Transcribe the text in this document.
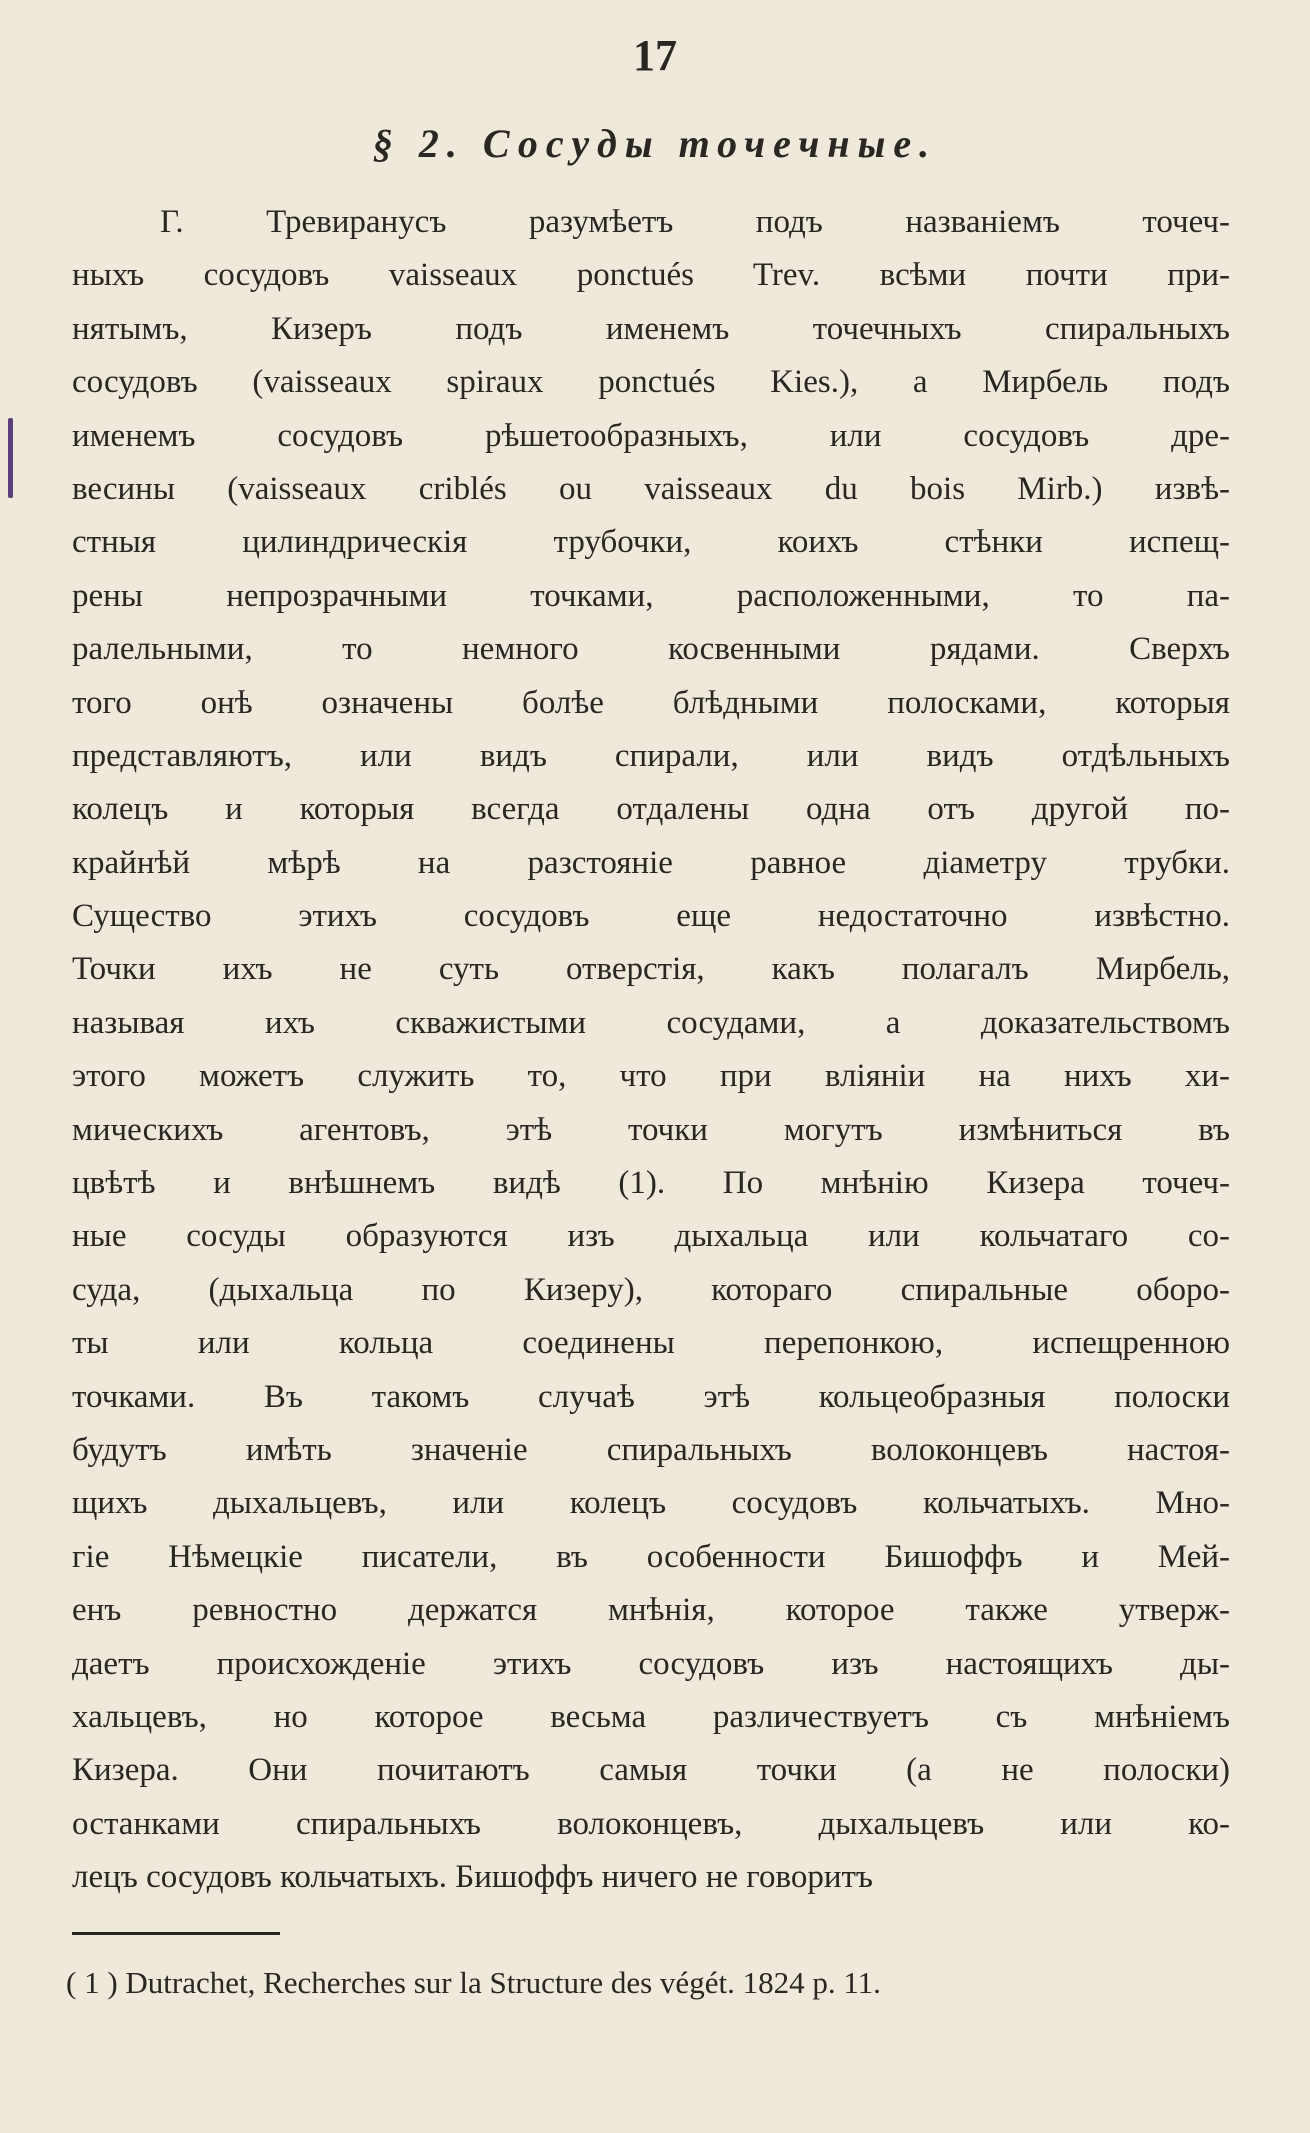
17
§ 2. Сосуды точечные.
Г. Тревиранусъ разумѣетъ подъ названіемъ точеч-
ныхъ сосудовъ vaisseaux ponctués Trev. всѣми почти при-
нятымъ, Кизеръ подъ именемъ точечныхъ спиральныхъ
сосудовъ (vaisseaux spiraux ponctués Kies.), а Мирбель подъ
именемъ сосудовъ рѣшетообразныхъ, или сосудовъ дре-
весины (vaisseaux criblés ou vaisseaux du bois Mirb.) извѣ-
стныя цилиндрическія трубочки, коихъ стѣнки испещ-
рены непрозрачными точками, расположенными, то па-
ралельными, то немного косвенными рядами. Сверхъ
того онѣ означены болѣе блѣдными полосками, которыя
представляютъ, или видъ спирали, или видъ отдѣльныхъ
колецъ и которыя всегда отдалены одна отъ другой по-
крайнѣй мѣрѣ на разстояніе равное діаметру трубки.
Существо этихъ сосудовъ еще недостаточно извѣстно.
Точки ихъ не суть отверстія, какъ полагалъ Мирбель,
называя ихъ скважистыми сосудами, а доказательствомъ
этого можетъ служить то, что при вліяніи на нихъ хи-
мическихъ агентовъ, этѣ точки могутъ измѣниться въ
цвѣтѣ и внѣшнемъ видѣ (1). По мнѣнію Кизера точеч-
ные сосуды образуются изъ дыхальца или кольчатаго со-
суда, (дыхальца по Кизеру), котораго спиральные оборо-
ты или кольца соединены перепонкою, испещренною
точками. Въ такомъ случаѣ этѣ кольцеобразныя полоски
будутъ имѣть значеніе спиральныхъ волоконцевъ настоя-
щихъ дыхальцевъ, или колецъ сосудовъ кольчатыхъ. Мно-
гіе Нѣмецкіе писатели, въ особенности Бишоффъ и Мей-
енъ ревностно держатся мнѣнія, которое также утверж-
даетъ происхожденіе этихъ сосудовъ изъ настоящихъ ды-
хальцевъ, но которое весьма различествуетъ съ мнѣніемъ
Кизера. Они почитаютъ самыя точки (а не полоски)
останками спиральныхъ волоконцевъ, дыхальцевъ или ко-
лецъ сосудовъ кольчатыхъ. Бишоффъ ничего не говоритъ
( 1 ) Dutrachet, Recherches sur la Structure des végét. 1824 p. 11.
